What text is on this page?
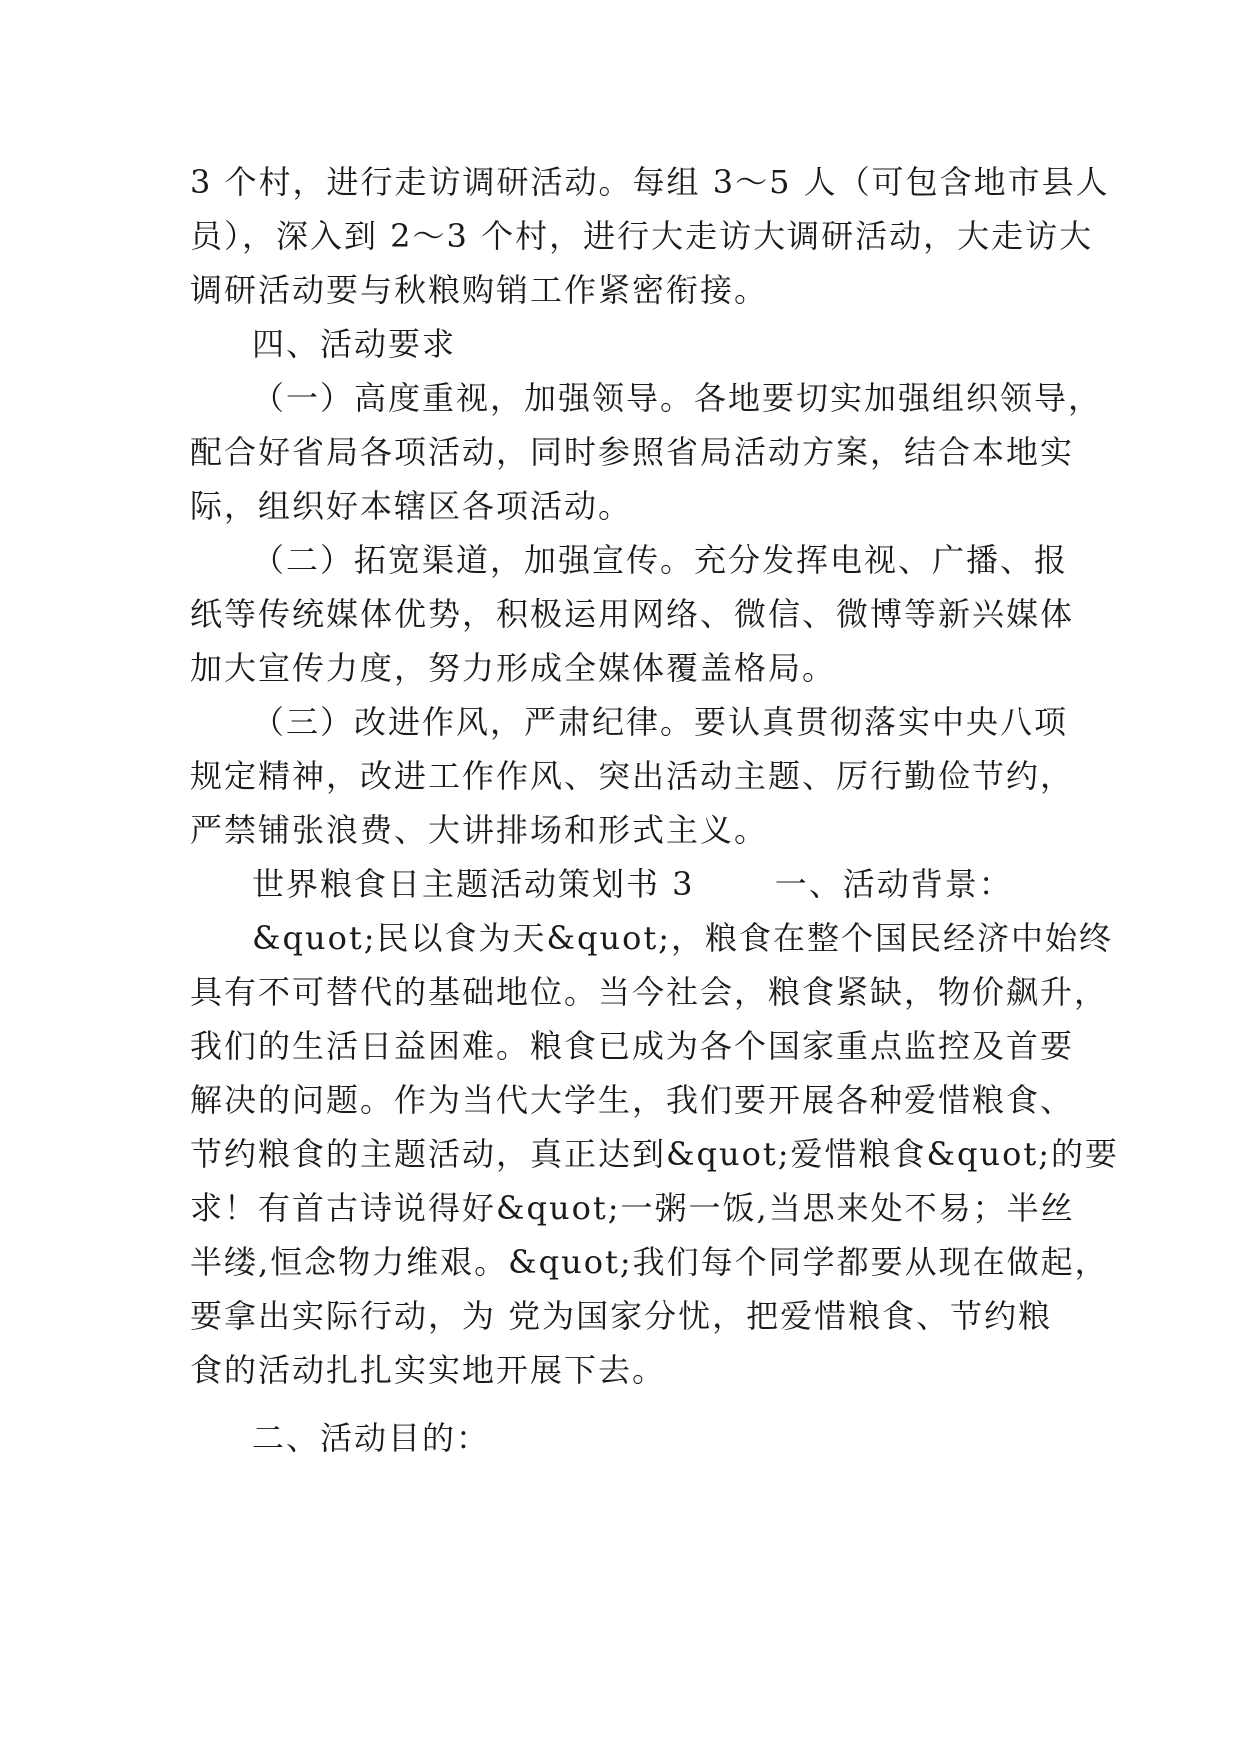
3 个村，进行走访调研活动。每组 3～5 人（可包含地市县人
员），深入到 2～3 个村，进行大走访大调研活动，大走访大
调研活动要与秋粮购销工作紧密衔接。

四、活动要求

（一）高度重视，加强领导。各地要切实加强组织领导，
配合好省局各项活动，同时参照省局活动方案，结合本地实
际，组织好本辖区各项活动。

（二）拓宽渠道，加强宣传。充分发挥电视、广播、报
纸等传统媒体优势，积极运用网络、微信、微博等新兴媒体
加大宣传力度，努力形成全媒体覆盖格局。

（三）改进作风，严肃纪律。要认真贯彻落实中央八项
规定精神，改进工作作风、突出活动主题、厉行勤俭节约，
严禁铺张浪费、大讲排场和形式主义。

世界粮食日主题活动策划书 3 　　一、活动背景：

&quot;民以食为天&quot;，粮食在整个国民经济中始终
具有不可替代的基础地位。当今社会，粮食紧缺，物价飙升，
我们的生活日益困难。粮食已成为各个国家重点监控及首要
解决的问题。作为当代大学生，我们要开展各种爱惜粮食、
节约粮食的主题活动，真正达到&quot;爱惜粮食&quot;的要
求！有首古诗说得好&quot;一粥一饭,当思来处不易；半丝
半缕,恒念物力维艰。&quot;我们每个同学都要从现在做起，
要拿出实际行动，为 党为国家分忧，把爱惜粮食、节约粮
食的活动扎扎实实地开展下去。

二、活动目的：
